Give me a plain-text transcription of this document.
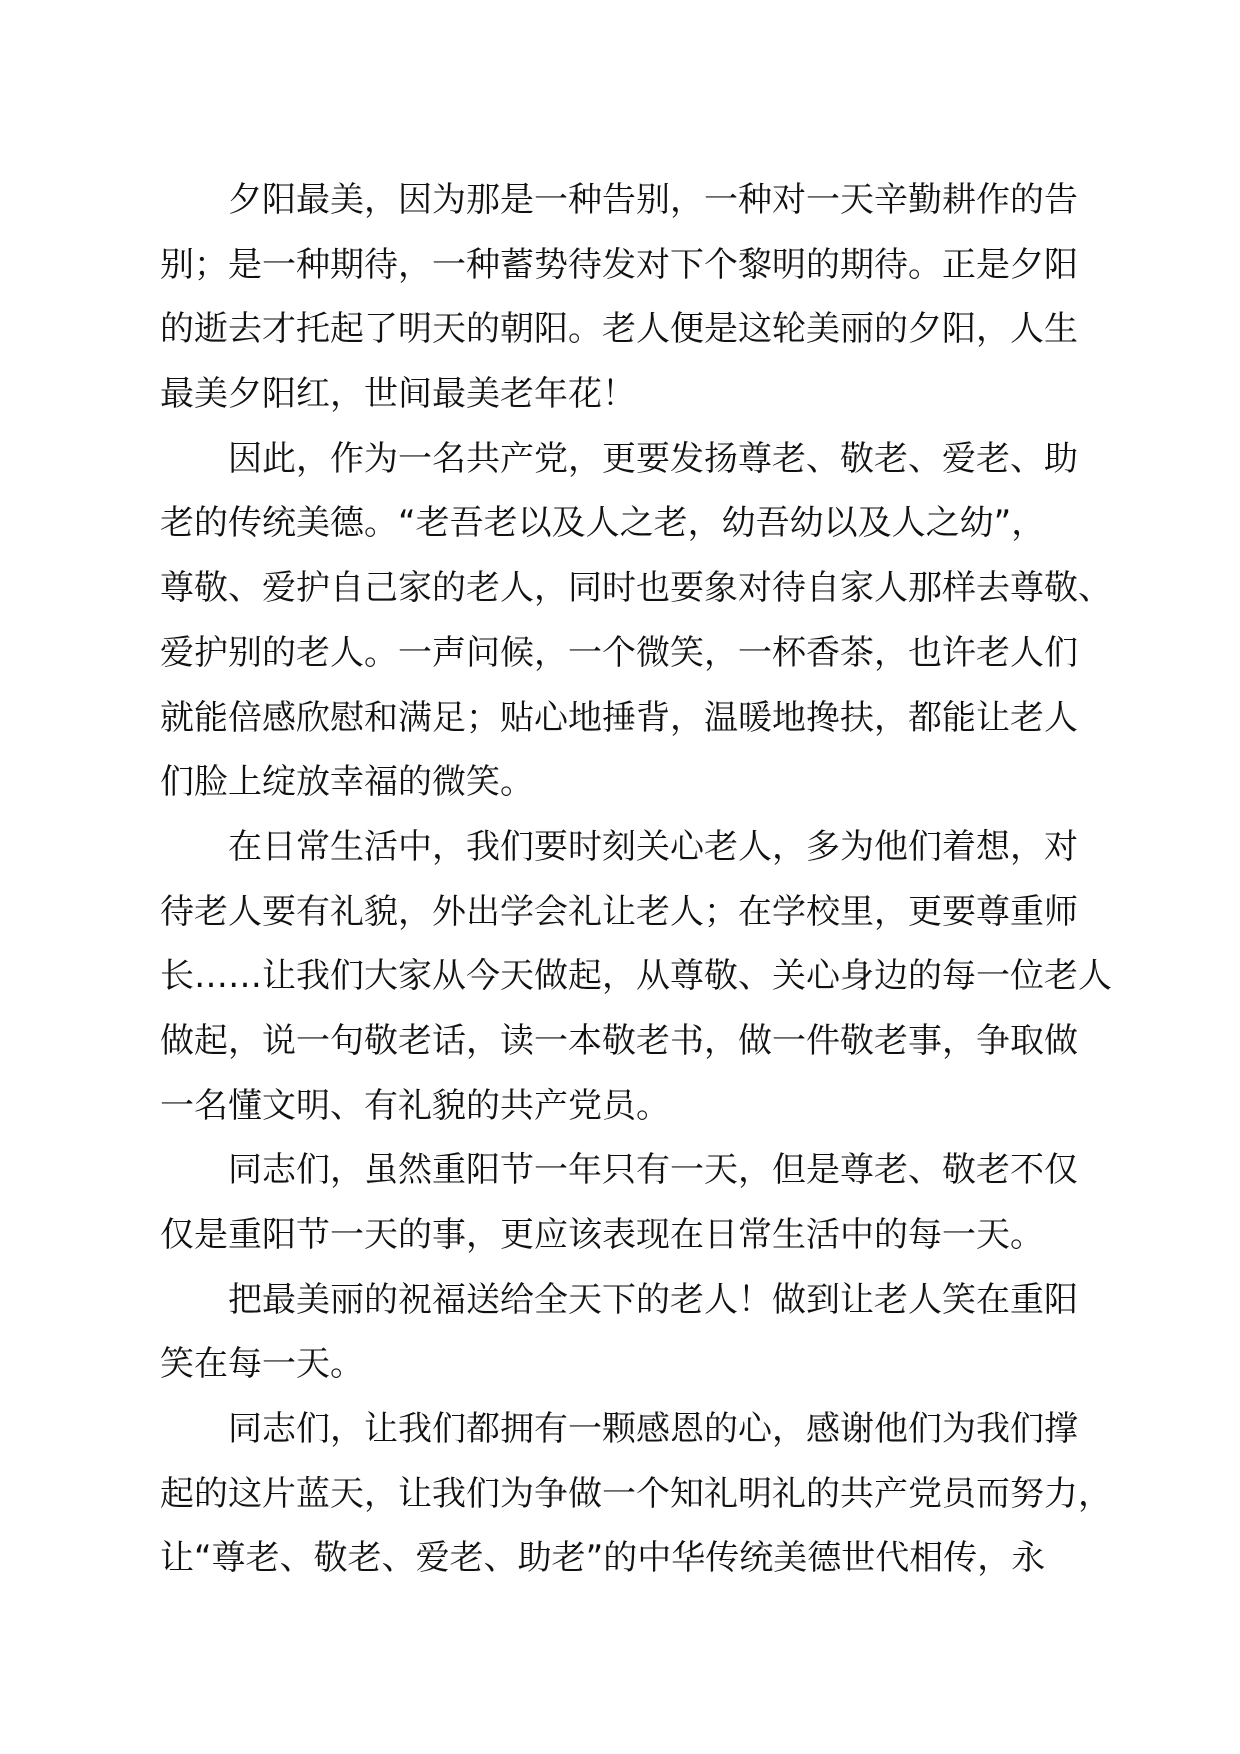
夕阳最美，因为那是一种告别，一种对一天辛勤耕作的告
别；是一种期待，一种蓄势待发对下个黎明的期待。正是夕阳
的逝去才托起了明天的朝阳。老人便是这轮美丽的夕阳，人生
最美夕阳红，世间最美老年花！

因此，作为一名共产党，更要发扬尊老、敬老、爱老、助
老的传统美德。“老吾老以及人之老，幼吾幼以及人之幼”，
尊敬、爱护自己家的老人，同时也要象对待自家人那样去尊敬、
爱护别的老人。一声问候，一个微笑，一杯香茶，也许老人们
就能倍感欣慰和满足；贴心地捶背，温暖地搀扶，都能让老人
们脸上绽放幸福的微笑。

在日常生活中，我们要时刻关心老人，多为他们着想，对
待老人要有礼貌，外出学会礼让老人；在学校里，更要尊重师
长……让我们大家从今天做起，从尊敬、关心身边的每一位老人
做起，说一句敬老话，读一本敬老书，做一件敬老事，争取做
一名懂文明、有礼貌的共产党员。

同志们，虽然重阳节一年只有一天，但是尊老、敬老不仅
仅是重阳节一天的事，更应该表现在日常生活中的每一天。

把最美丽的祝福送给全天下的老人！做到让老人笑在重阳
笑在每一天。

同志们，让我们都拥有一颗感恩的心，感谢他们为我们撑
起的这片蓝天，让我们为争做一个知礼明礼的共产党员而努力，
让“尊老、敬老、爱老、助老”的中华传统美德世代相传，永
